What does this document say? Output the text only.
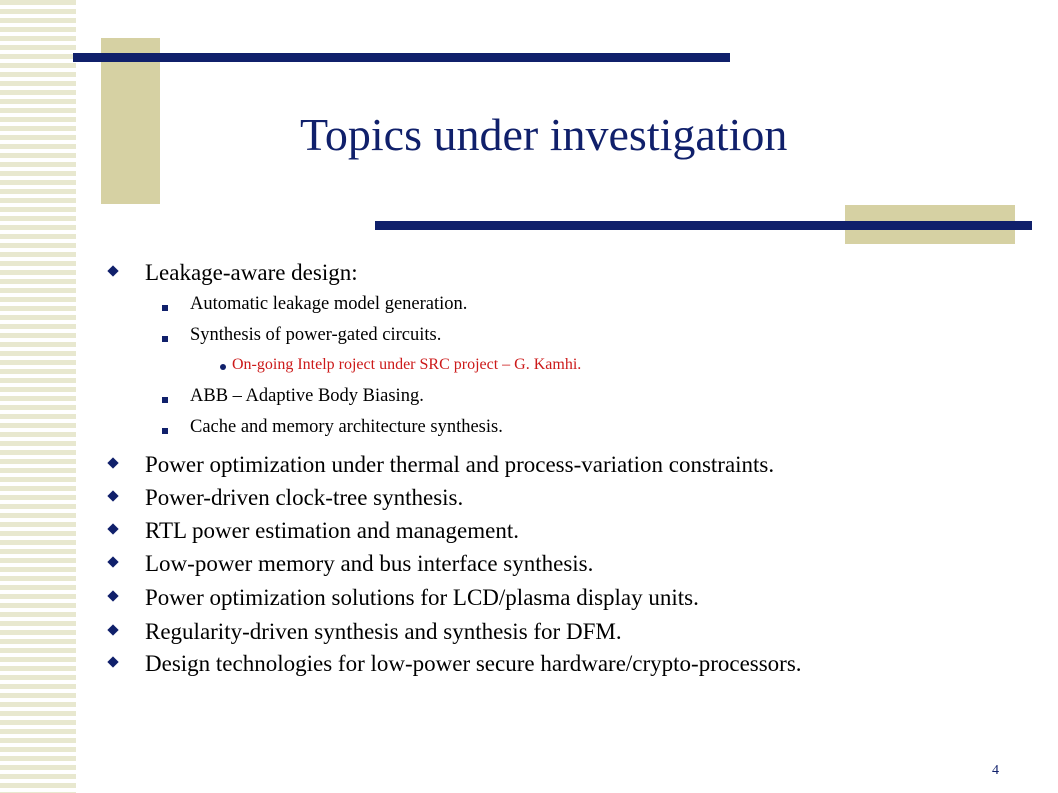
Topics under investigation
Leakage-aware design:
Automatic leakage model generation.
Synthesis of power-gated circuits.
On-going Intelp roject under SRC project – G. Kamhi.
ABB – Adaptive Body Biasing.
Cache and memory architecture synthesis.
Power optimization under thermal and process-variation constraints.
Power-driven clock-tree synthesis.
RTL power estimation and management.
Low-power memory and bus interface synthesis.
Power optimization solutions for LCD/plasma display units.
Regularity-driven synthesis and synthesis for DFM.
Design technologies for low-power secure hardware/crypto-processors.
4
